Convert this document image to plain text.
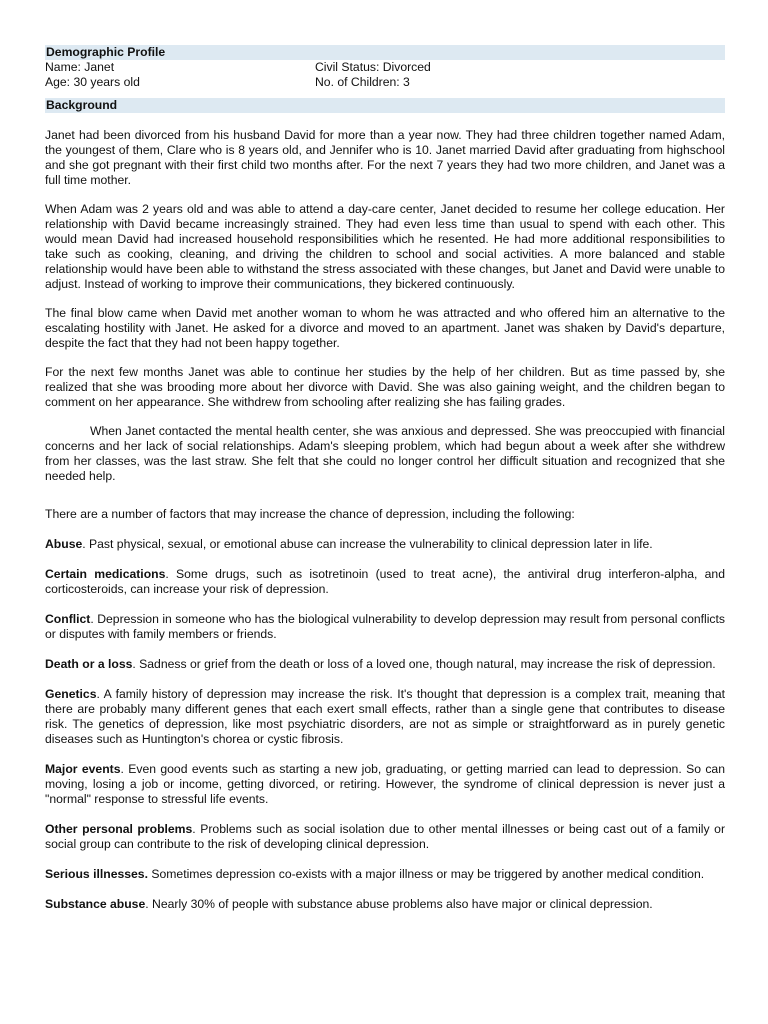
Demographic Profile
Name: Janet	Civil Status: Divorced
Age: 30 years old	No. of Children: 3
Background

Janet had been divorced from his husband David for more than a year now. They had three children together named Adam, the youngest of them, Clare who is 8 years old, and Jennifer who is 10. Janet married David after graduating from highschool and she got pregnant with their first child two months after. For the next 7 years they had two more children, and Janet was a full time mother.

When Adam was 2 years old and was able to attend a day-care center, Janet decided to resume her college education. Her relationship with David became increasingly strained. They had even less time than usual to spend with each other. This would mean David had increased household responsibilities which he resented. He had more additional responsibilities to take such as cooking, cleaning, and driving the children to school and social activities. A more balanced and stable relationship would have been able to withstand the stress associated with these changes, but Janet and David were unable to adjust. Instead of working to improve their communications, they bickered continuously.

The final blow came when David met another woman to whom he was attracted and who offered him an alternative to the escalating hostility with Janet. He asked for a divorce and moved to an apartment. Janet was shaken by David's departure, despite the fact that they had not been happy together.

For the next few months Janet was able to continue her studies by the help of her children. But as time passed by, she realized that she was brooding more about her divorce with David. She was also gaining weight, and the children began to comment on her appearance. She withdrew from schooling after realizing she has failing grades.

When Janet contacted the mental health center, she was anxious and depressed. She was preoccupied with financial concerns and her lack of social relationships. Adam's sleeping problem, which had begun about a week after she withdrew from her classes, was the last straw. She felt that she could no longer control her difficult situation and recognized that she needed help.

There are a number of factors that may increase the chance of depression, including the following:

Abuse. Past physical, sexual, or emotional abuse can increase the vulnerability to clinical depression later in life.

Certain medications. Some drugs, such as isotretinoin (used to treat acne), the antiviral drug interferon-alpha, and corticosteroids, can increase your risk of depression.

Conflict. Depression in someone who has the biological vulnerability to develop depression may result from personal conflicts or disputes with family members or friends.

Death or a loss. Sadness or grief from the death or loss of a loved one, though natural, may increase the risk of depression.

Genetics. A family history of depression may increase the risk. It's thought that depression is a complex trait, meaning that there are probably many different genes that each exert small effects, rather than a single gene that contributes to disease risk. The genetics of depression, like most psychiatric disorders, are not as simple or straightforward as in purely genetic diseases such as Huntington's chorea or cystic fibrosis.

Major events. Even good events such as starting a new job, graduating, or getting married can lead to depression. So can moving, losing a job or income, getting divorced, or retiring. However, the syndrome of clinical depression is never just a "normal" response to stressful life events.

Other personal problems. Problems such as social isolation due to other mental illnesses or being cast out of a family or social group can contribute to the risk of developing clinical depression.

Serious illnesses. Sometimes depression co-exists with a major illness or may be triggered by another medical condition.

Substance abuse. Nearly 30% of people with substance abuse problems also have major or clinical depression.
